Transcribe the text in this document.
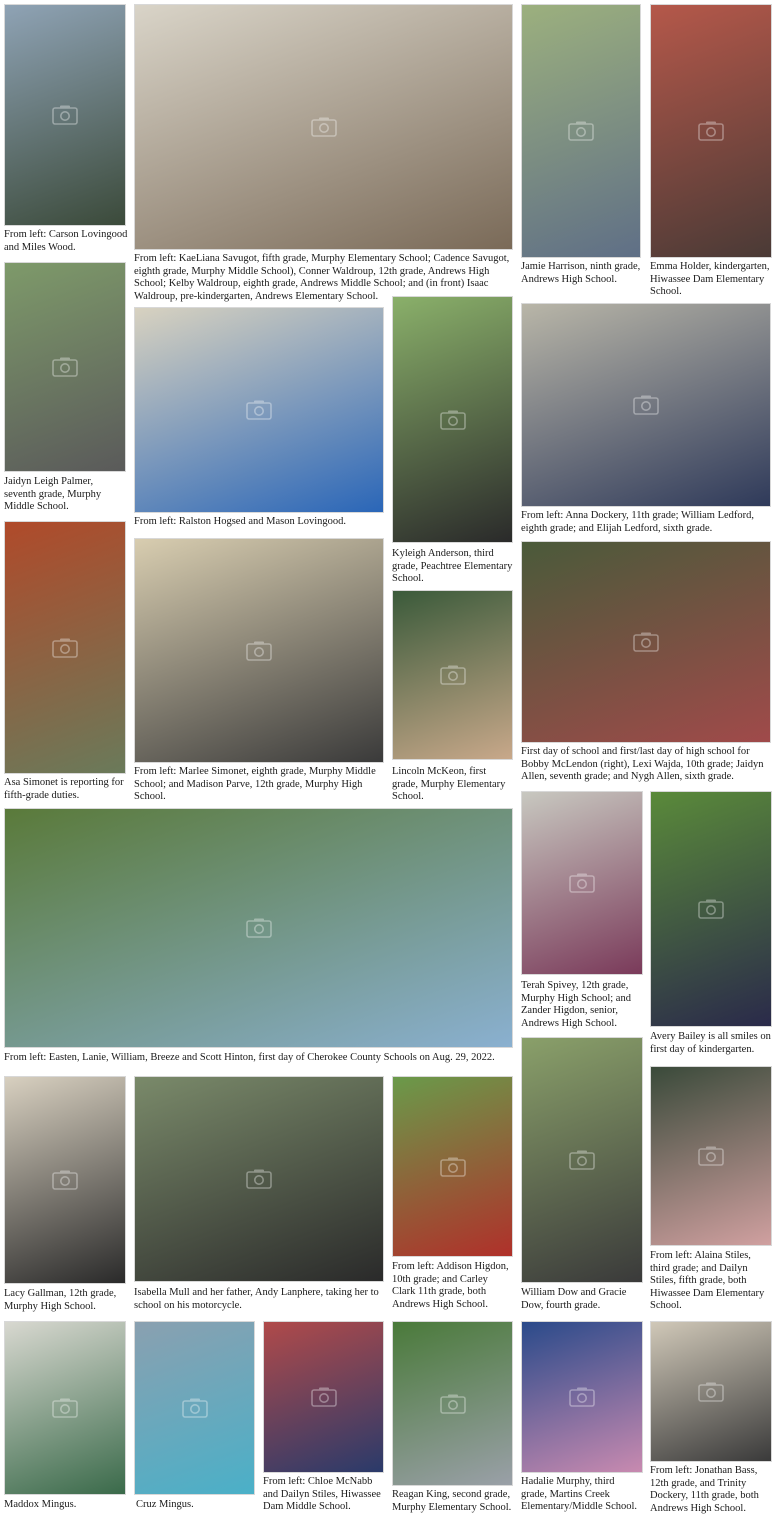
From left: Carson Lovingood and Miles Wood.
From left: KaeLiana Savugot, fifth grade, Murphy Elementary School; Cadence Savugot, eighth grade, Murphy Middle School), Conner Waldroup, 12th grade, Andrews High School; Kelby Waldroup, eighth grade, Andrews Middle School; and (in front) Isaac Waldroup, pre-kindergarten, Andrews Elementary School.
Jamie Harrison, ninth grade, Andrews High School.
Emma Holder, kindergarten, Hiwassee Dam Elementary School.
Jaidyn Leigh Palmer, seventh grade, Murphy Middle School.
From left: Ralston Hogsed and Mason Lovingood.
Kyleigh Anderson, third grade, Peachtree Elementary School.
From left: Anna Dockery, 11th grade; William Ledford, eighth grade; and Elijah Ledford, sixth grade.
Asa Simonet is reporting for fifth-grade duties.
From left: Marlee Simonet, eighth grade, Murphy Middle School; and Madison Parve, 12th grade, Murphy High School.
Lincoln McKeon, first grade, Murphy Elementary School.
First day of school and first/last day of high school for Bobby McLendon (right), Lexi Wajda, 10th grade; Jaidyn Allen, seventh grade; and Nygh Allen, sixth grade.
From left: Easten, Lanie, William, Breeze and Scott Hinton, first day of Cherokee County Schools on Aug. 29, 2022.
Terah Spivey, 12th grade, Murphy High School; and Zander Higdon, senior, Andrews High School.
Avery Bailey is all smiles on first day of kindergarten.
Lacy Gallman, 12th grade, Murphy High School.
Isabella Mull and her father, Andy Lanphere, taking her to school on his motorcycle.
From left: Addison Higdon, 10th grade; and Carley Clark 11th grade, both Andrews High School.
William Dow and Gracie Dow, fourth grade.
From left: Alaina Stiles, third grade; and Dailyn Stiles, fifth grade, both Hiwassee Dam Elementary School.
Maddox Mingus.	Cruz Mingus.
From left: Chloe McNabb and Dailyn Stiles, Hiwassee Dam Middle School.
Reagan King, second grade, Murphy Elementary School.
Hadalie Murphy, third grade, Martins Creek Elementary/Middle School.
From left: Jonathan Bass, 12th grade, and Trinity Dockery, 11th grade, both Andrews High School.
